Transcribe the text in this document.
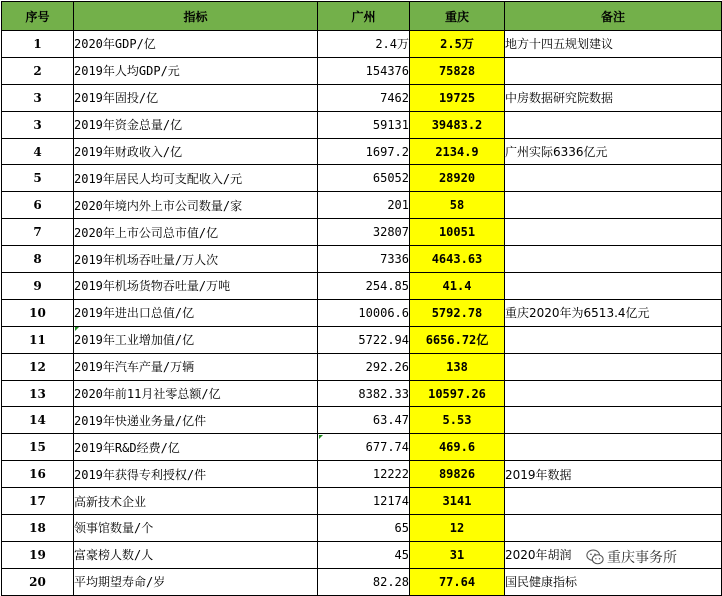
序号	指标	广州	重庆	备注
1	2020年GDP/亿	2.4万	2.5万	地方十四五规划建议
2	2019年人均GDP/元	154376	75828	
3	2019年固投/亿	7462	19725	中房数据研究院数据
3	2019年资金总量/亿	59131	39483.2	
4	2019年财政收入/亿	1697.2	2134.9	广州实际6336亿元
5	2019年居民人均可支配收入/元	65052	28920	
6	2020年境内外上市公司数量/家	201	58	
7	2020年上市公司总市值/亿	32807	10051	
8	2019年机场吞吐量/万人次	7336	4643.63	
9	2019年机场货物吞吐量/万吨	254.85	41.4	
10	2019年进出口总值/亿	10006.6	5792.78	重庆2020年为6513.4亿元
11	2019年工业增加值/亿	5722.94	6656.72亿	
12	2019年汽车产量/万辆	292.26	138	
13	2020年前11月社零总额/亿	8382.33	10597.26	
14	2019年快递业务量/亿件	63.47	5.53	
15	2019年R&D经费/亿	677.74	469.6	
16	2019年获得专利授权/件	12222	89826	2019年数据
17	高新技术企业	12174	3141	
18	领事馆数量/个	65	12	
19	富豪榜人数/人	45	31	2020年胡润
20	平均期望寿命/岁	82.28	77.64	国民健康指标
重庆事务所
